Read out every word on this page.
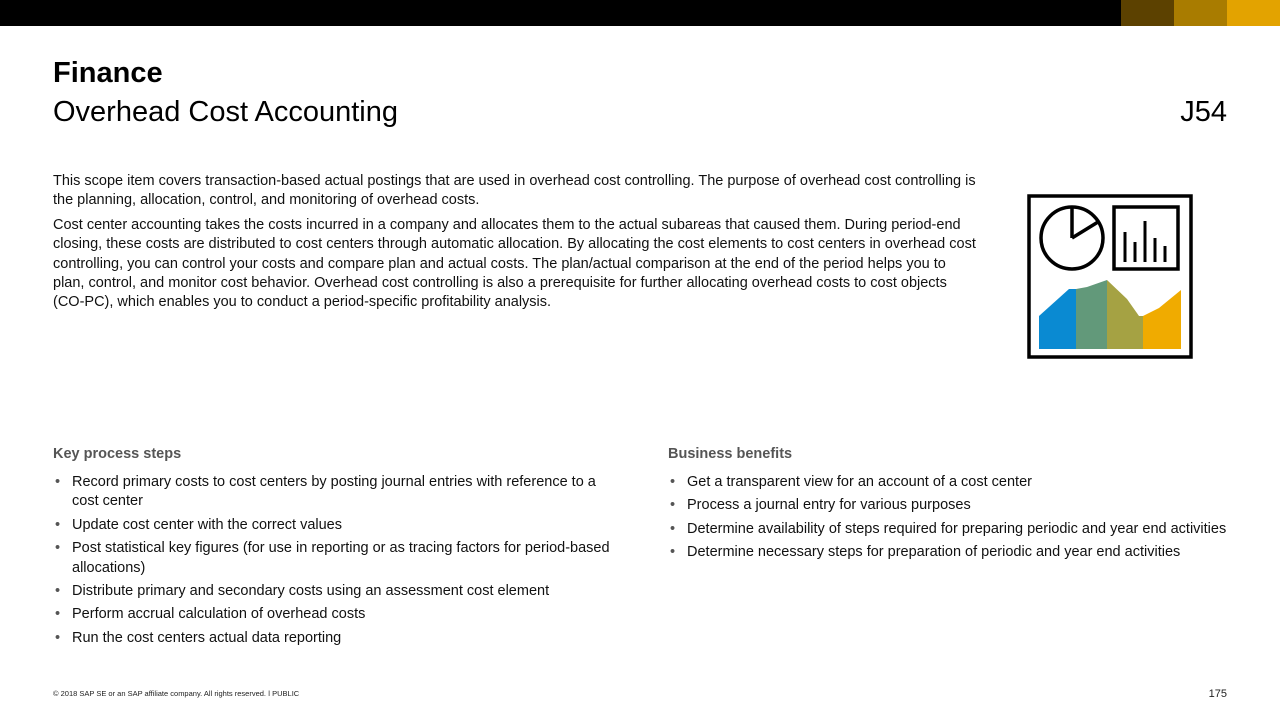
Finance
Overhead Cost Accounting	J54

This scope item covers transaction-based actual postings that are used in overhead cost controlling. The purpose of overhead cost controlling is the planning, allocation, control, and monitoring of overhead costs.

Cost center accounting takes the costs incurred in a company and allocates them to the actual subareas that caused them. During period-end closing, these costs are distributed to cost centers through automatic allocation. By allocating the cost elements to cost centers in overhead cost controlling, you can control your costs and compare plan and actual costs. The plan/actual comparison at the end of the period helps you to plan, control, and monitor cost behavior. Overhead cost controlling is also a prerequisite for further allocating overhead costs to cost objects (CO-PC), which enables you to conduct a period-specific profitability analysis.

Key process steps
• Record primary costs to cost centers by posting journal entries with reference to a cost center
• Update cost center with the correct values
• Post statistical key figures (for use in reporting or as tracing factors for period-based allocations)
• Distribute primary and secondary costs using an assessment cost element
• Perform accrual calculation of overhead costs
• Run the cost centers actual data reporting
Business benefits
• Get a transparent view for an account of a cost center
• Process a journal entry for various purposes
• Determine availability of steps required for preparing periodic and year end activities
• Determine necessary steps for preparation of periodic and year end activities
© 2018 SAP SE or an SAP affiliate company. All rights reserved. ǀ PUBLIC	175
